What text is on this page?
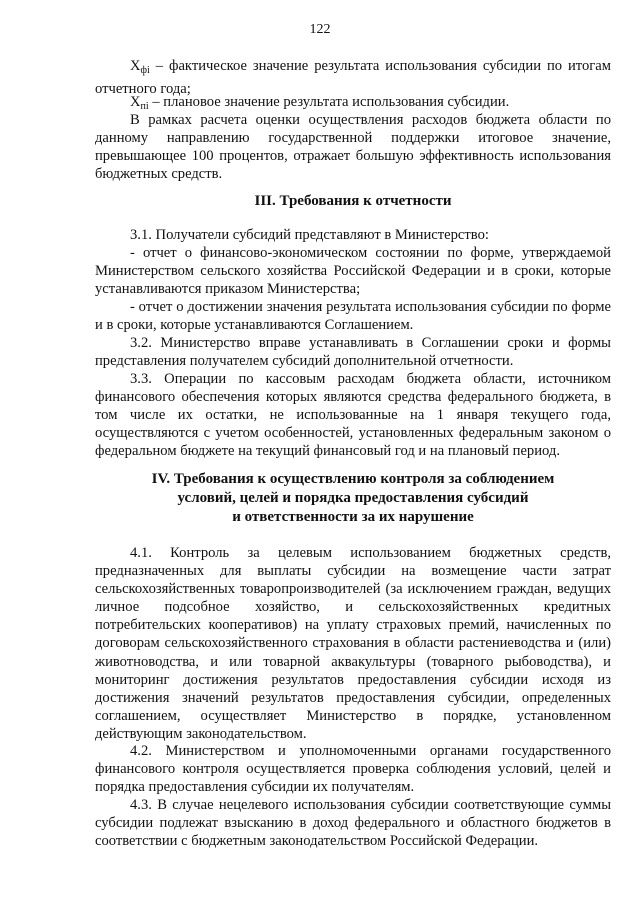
122

$X_{фi}$ – фактическое значение результата использования субсидии по итогам отчетного года;

$X_{пi}$ – плановое значение результата использования субсидии.

В рамках расчета оценки осуществления расходов бюджета области по данному направлению государственной поддержки итоговое значение, превышающее 100 процентов, отражает большую эффективность использования бюджетных средств.

III. Требования к отчетности

3.1. Получатели субсидий представляют в Министерство:

- отчет о финансово-экономическом состоянии по форме, утверждаемой Министерством сельского хозяйства Российской Федерации и в сроки, которые устанавливаются приказом Министерства;

- отчет о достижении значения результата использования субсидии по форме и в сроки, которые устанавливаются Соглашением.

3.2. Министерство вправе устанавливать в Соглашении сроки и формы представления получателем субсидий дополнительной отчетности.

3.3. Операции по кассовым расходам бюджета области, источником финансового обеспечения которых являются средства федерального бюджета, в том числе их остатки, не использованные на 1 января текущего года, осуществляются с учетом особенностей, установленных федеральным законом о федеральном бюджете на текущий финансовый год и на плановый период.

IV. Требования к осуществлению контроля за соблюдением
условий, целей и порядка предоставления субсидий
и ответственности за их нарушение

4.1. Контроль за целевым использованием бюджетных средств, предназначенных для выплаты субсидии на возмещение части затрат сельскохозяйственных товаропроизводителей (за исключением граждан, ведущих личное подсобное хозяйство, и сельскохозяйственных кредитных потребительских кооперативов) на уплату страховых премий, начисленных по договорам сельскохозяйственного страхования в области растениеводства и (или) животноводства, и или товарной аквакультуры (товарного рыбоводства), и мониторинг достижения результатов предоставления субсидии исходя из достижения значений результатов предоставления субсидии, определенных соглашением, осуществляет Министерство в порядке, установленном действующим законодательством.

4.2. Министерством и уполномоченными органами государственного финансового контроля осуществляется проверка соблюдения условий, целей и порядка предоставления субсидии их получателям.

4.3. В случае нецелевого использования субсидии соответствующие суммы субсидии подлежат взысканию в доход федерального и областного бюджетов в соответствии с бюджетным законодательством Российской Федерации.
